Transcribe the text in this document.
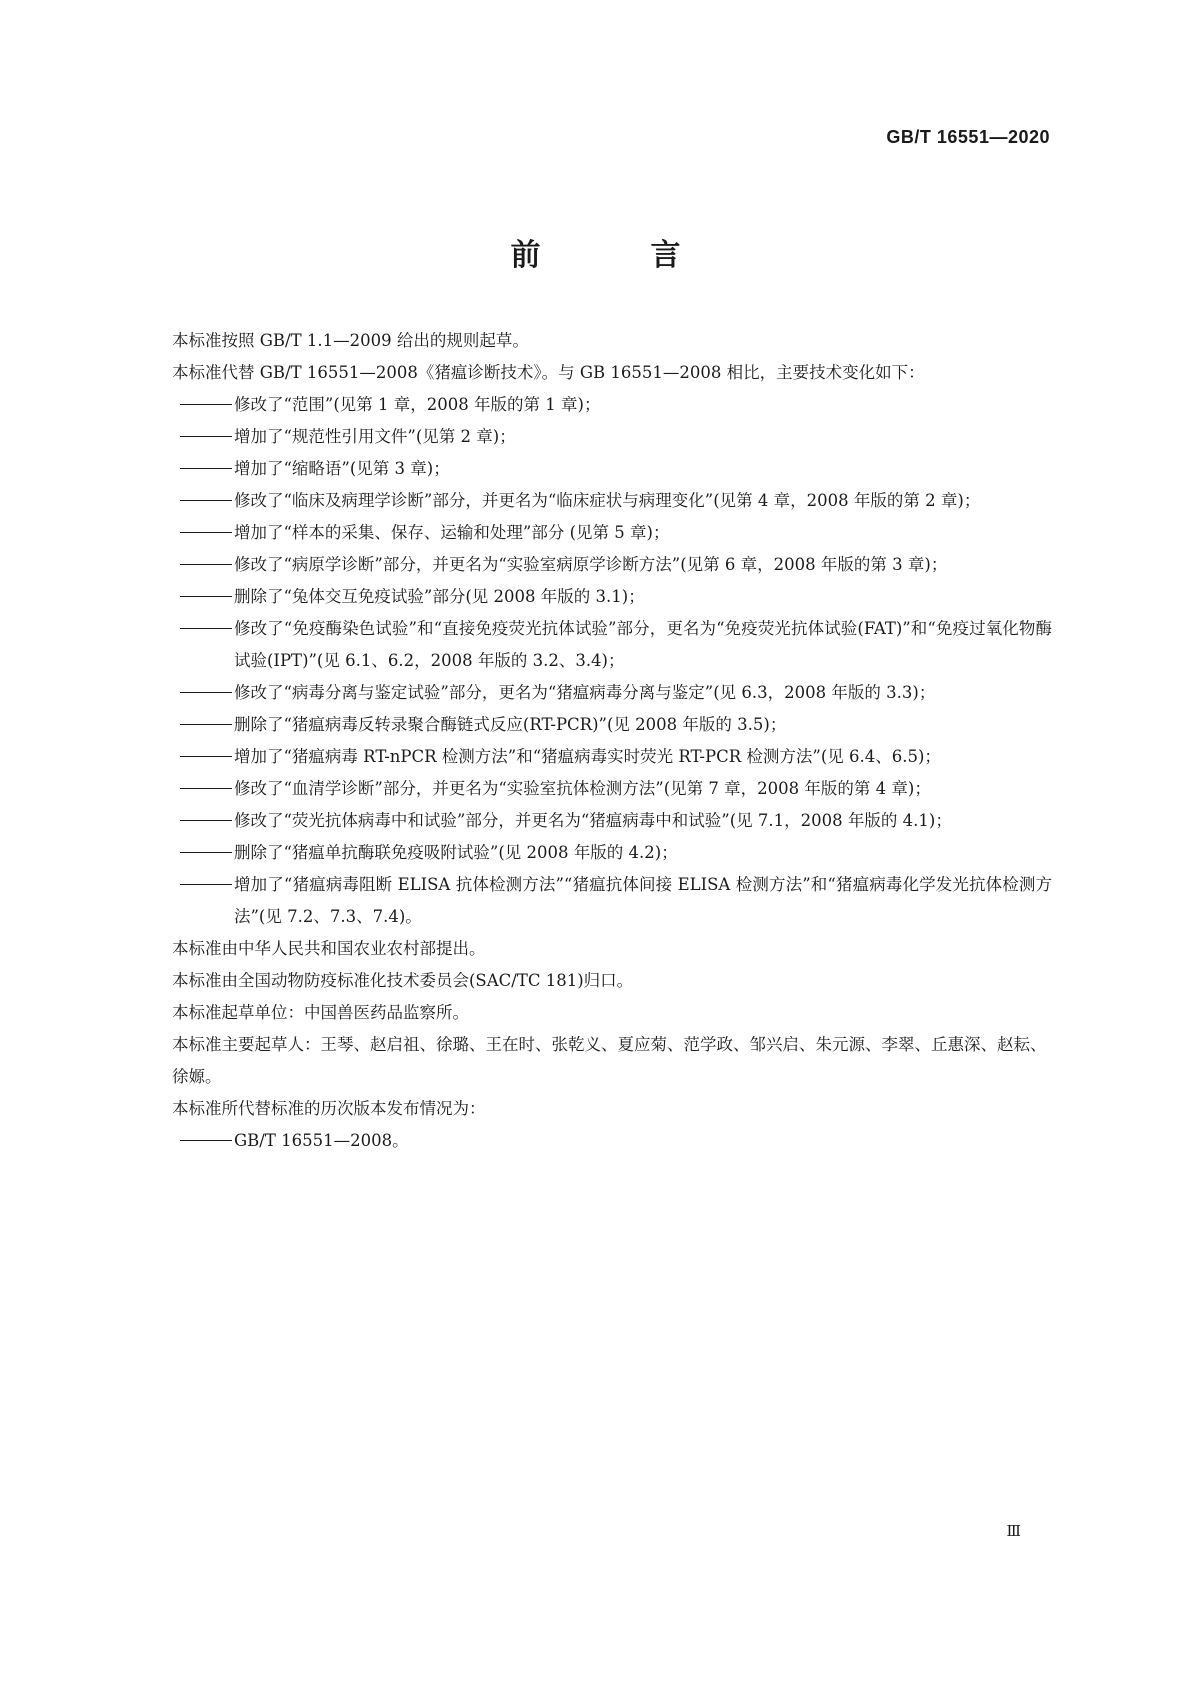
GB/T 16551—2020
前　言

本标准按照 GB/T 1.1—2009 给出的规则起草。

本标准代替 GB/T 16551—2008《猪瘟诊断技术》。与 GB 16551—2008 相比，主要技术变化如下：

修改了“范围”(见第 1 章，2008 年版的第 1 章)；
增加了“规范性引用文件”(见第 2 章)；
增加了“缩略语”(见第 3 章)；
修改了“临床及病理学诊断”部分，并更名为“临床症状与病理变化”(见第 4 章，2008 年版的第 2 章)；
增加了“样本的采集、保存、运输和处理”部分 (见第 5 章)；
修改了“病原学诊断”部分，并更名为“实验室病原学诊断方法”(见第 6 章，2008 年版的第 3 章)；
删除了“兔体交互免疫试验”部分(见 2008 年版的 3.1)；
修改了“免疫酶染色试验”和“直接免疫荧光抗体试验”部分，更名为“免疫荧光抗体试验(FAT)”和“免疫过氧化物酶试验(IPT)”(见 6.1、6.2，2008 年版的 3.2、3.4)；
修改了“病毒分离与鉴定试验”部分，更名为“猪瘟病毒分离与鉴定”(见 6.3，2008 年版的 3.3)；
删除了“猪瘟病毒反转录聚合酶链式反应(RT-PCR)”(见 2008 年版的 3.5)；
增加了“猪瘟病毒 RT-nPCR 检测方法”和“猪瘟病毒实时荧光 RT-PCR 检测方法”(见 6.4、6.5)；
修改了“血清学诊断”部分，并更名为“实验室抗体检测方法”(见第 7 章，2008 年版的第 4 章)；
修改了“荧光抗体病毒中和试验”部分，并更名为“猪瘟病毒中和试验”(见 7.1，2008 年版的 4.1)；
删除了“猪瘟单抗酶联免疫吸附试验”(见 2008 年版的 4.2)；
增加了“猪瘟病毒阻断 ELISA 抗体检测方法”“猪瘟抗体间接 ELISA 检测方法”和“猪瘟病毒化学发光抗体检测方法”(见 7.2、7.3、7.4)。

本标准由中华人民共和国农业农村部提出。

本标准由全国动物防疫标准化技术委员会(SAC/TC 181)归口。

本标准起草单位：中国兽医药品监察所。

本标准主要起草人：王琴、赵启祖、徐璐、王在时、张乾义、夏应菊、范学政、邹兴启、朱元源、李翠、丘惠深、赵耘、徐嫄。

本标准所代替标准的历次版本发布情况为：

GB/T 16551—2008。
Ⅲ
